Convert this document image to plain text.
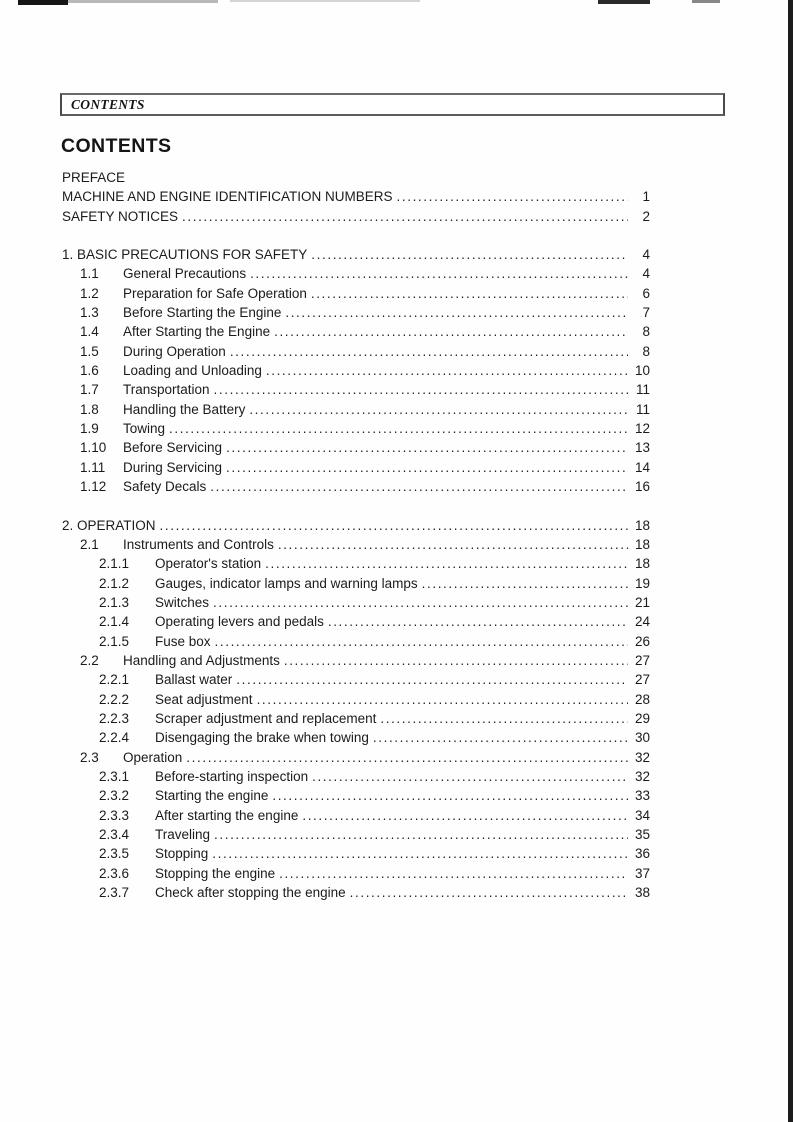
CONTENTS
CONTENTS
PREFACE
MACHINE AND ENGINE IDENTIFICATION NUMBERS .....	1
SAFETY NOTICES .....	2
1. BASIC PRECAUTIONS FOR SAFETY .....	4
1.1	General Precautions .....	4
1.2	Preparation for Safe Operation .....	6
1.3	Before Starting the Engine .....	7
1.4	After Starting the Engine .....	8
1.5	During Operation .....	8
1.6	Loading and Unloading .....	10
1.7	Transportation .....	11
1.8	Handling the Battery .....	11
1.9	Towing .....	12
1.10	Before Servicing .....	13
1.11	During Servicing .....	14
1.12	Safety Decals .....	16
2. OPERATION .....	18
2.1	Instruments and Controls .....	18
2.1.1	Operator's station .....	18
2.1.2	Gauges, indicator lamps and warning lamps .....	19
2.1.3	Switches .....	21
2.1.4	Operating levers and pedals .....	24
2.1.5	Fuse box .....	26
2.2	Handling and Adjustments .....	27
2.2.1	Ballast water .....	27
2.2.2	Seat adjustment .....	28
2.2.3	Scraper adjustment and replacement .....	29
2.2.4	Disengaging the brake when towing .....	30
2.3	Operation .....	32
2.3.1	Before-starting inspection .....	32
2.3.2	Starting the engine .....	33
2.3.3	After starting the engine .....	34
2.3.4	Traveling .....	35
2.3.5	Stopping .....	36
2.3.6	Stopping the engine .....	37
2.3.7	Check after stopping the engine .....	38
